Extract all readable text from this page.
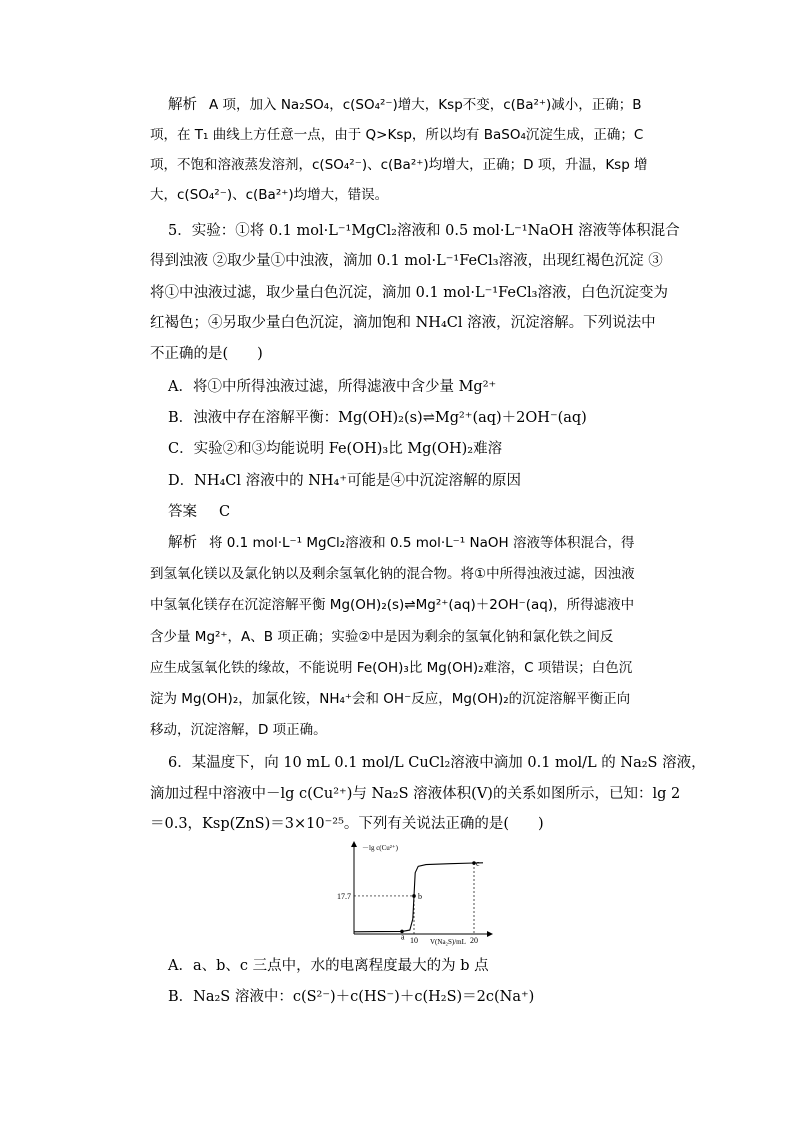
解析 A 项，加入 Na₂SO₄，c(SO₄²⁻)增大，Ksp不变，c(Ba²⁺)减小，正确；B
项，在 T₁ 曲线上方任意一点，由于 Q>Ksp，所以均有 BaSO₄沉淀生成，正确；C
项，不饱和溶液蒸发溶剂，c(SO₄²⁻)、c(Ba²⁺)均增大，正确；D 项，升温，Ksp 增
大，c(SO₄²⁻)、c(Ba²⁺)均增大，错误。
5．实验：①将 0.1 mol·L⁻¹MgCl₂溶液和 0.5 mol·L⁻¹NaOH 溶液等体积混合
得到浊液 ②取少量①中浊液，滴加 0.1 mol·L⁻¹FeCl₃溶液，出现红褐色沉淀 ③
将①中浊液过滤，取少量白色沉淀，滴加 0.1 mol·L⁻¹FeCl₃溶液，白色沉淀变为
红褐色；④另取少量白色沉淀，滴加饱和 NH₄Cl 溶液，沉淀溶解。下列说法中
不正确的是(　　)
A．将①中所得浊液过滤，所得滤液中含少量 Mg²⁺
B．浊液中存在溶解平衡：Mg(OH)₂(s)⇌Mg²⁺(aq)＋2OH⁻(aq)
C．实验②和③均能说明 Fe(OH)₃比 Mg(OH)₂难溶
D．NH₄Cl 溶液中的 NH₄⁺可能是④中沉淀溶解的原因
答案 C
解析 将 0.1 mol·L⁻¹ MgCl₂溶液和 0.5 mol·L⁻¹ NaOH 溶液等体积混合，得
到氢氧化镁以及氯化钠以及剩余氢氧化钠的混合物。将①中所得浊液过滤，因浊液
中氢氧化镁存在沉淀溶解平衡 Mg(OH)₂(s)⇌Mg²⁺(aq)＋2OH⁻(aq)，所得滤液中
含少量 Mg²⁺，A、B 项正确；实验②中是因为剩余的氢氧化钠和氯化铁之间反
应生成氢氧化铁的缘故，不能说明 Fe(OH)₃比 Mg(OH)₂难溶，C 项错误；白色沉
淀为 Mg(OH)₂，加氯化铵，NH₄⁺会和 OH⁻反应，Mg(OH)₂的沉淀溶解平衡正向
移动，沉淀溶解，D 项正确。
6．某温度下，向 10 mL 0.1 mol/L CuCl₂溶液中滴加 0.1 mol/L 的 Na₂S 溶液，
滴加过程中溶液中－lg c(Cu²⁺)与 Na₂S 溶液体积(V)的关系如图所示，已知：lg 2
＝0.3，Ksp(ZnS)＝3×10⁻²⁵。下列有关说法正确的是(　　)
－lg c(Cu²⁺)
V(Na₂S)/mL
10	20
17.7
a
b
c
A．a、b、c 三点中，水的电离程度最大的为 b 点
B．Na₂S 溶液中：c(S²⁻)＋c(HS⁻)＋c(H₂S)＝2c(Na⁺)
